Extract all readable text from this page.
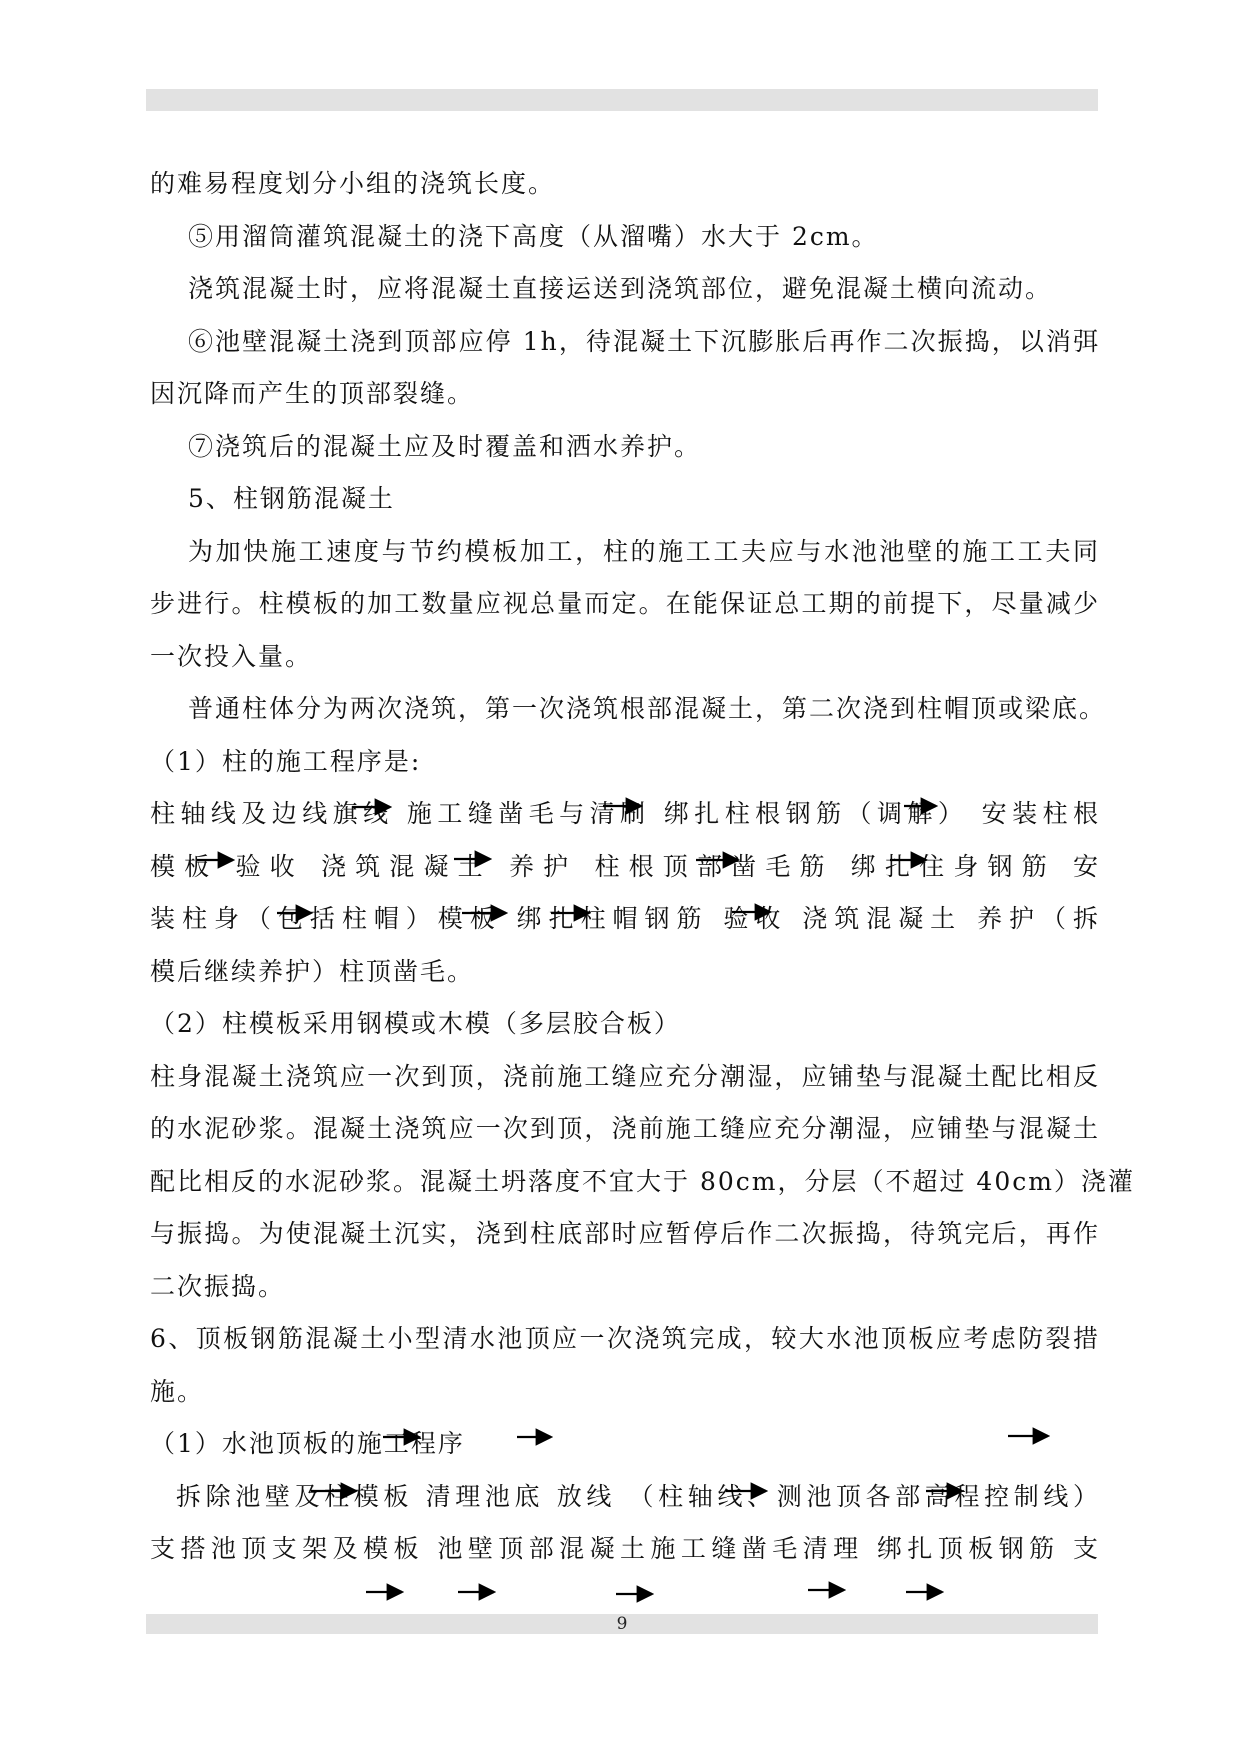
的难易程度划分小组的浇筑长度。
⑤用溜筒灌筑混凝土的浇下高度（从溜嘴）水大于 2cm。
浇筑混凝土时，应将混凝土直接运送到浇筑部位，避免混凝土横向流动。
⑥池壁混凝土浇到顶部应停 1h，待混凝土下沉膨胀后再作二次振捣，以消弭
因沉降而产生的顶部裂缝。
⑦浇筑后的混凝土应及时覆盖和洒水养护。
5、柱钢筋混凝土
为加快施工速度与节约模板加工，柱的施工工夫应与水池池壁的施工工夫同
步进行。柱模板的加工数量应视总量而定。在能保证总工期的前提下，尽量减少
一次投入量。
普通柱体分为两次浇筑，第一次浇筑根部混凝土，第二次浇到柱帽顶或梁底。
（1）柱的施工程序是:
柱轴线及边线旗线 施工缝凿毛与清刷 绑扎柱根钢筋（调解） 安装柱根
模板 验收 浇筑混凝土 养护 柱根顶部凿毛筋 绑扎住身钢筋 安
装柱身（包括柱帽）模板 绑扎柱帽钢筋 验收 浇筑混凝土 养护（拆
模后继续养护）柱顶凿毛。
（2）柱模板采用钢模或木模（多层胶合板）
柱身混凝土浇筑应一次到顶，浇前施工缝应充分潮湿，应铺垫与混凝土配比相反
的水泥砂浆。混凝土浇筑应一次到顶，浇前施工缝应充分潮湿，应铺垫与混凝土
配比相反的水泥砂浆。混凝土坍落度不宜大于 80cm，分层（不超过 40cm）浇灌
与振捣。为使混凝土沉实，浇到柱底部时应暂停后作二次振捣，待筑完后，再作
二次振捣。
6、顶板钢筋混凝土小型清水池顶应一次浇筑完成，较大水池顶板应考虑防裂措
施。
（1）水池顶板的施工程序
拆除池壁及柱模板 清理池底 放线 （柱轴线、测池顶各部高程控制线）
支搭池顶支架及模板 池壁顶部混凝土施工缝凿毛清理 绑扎顶板钢筋 支
9
